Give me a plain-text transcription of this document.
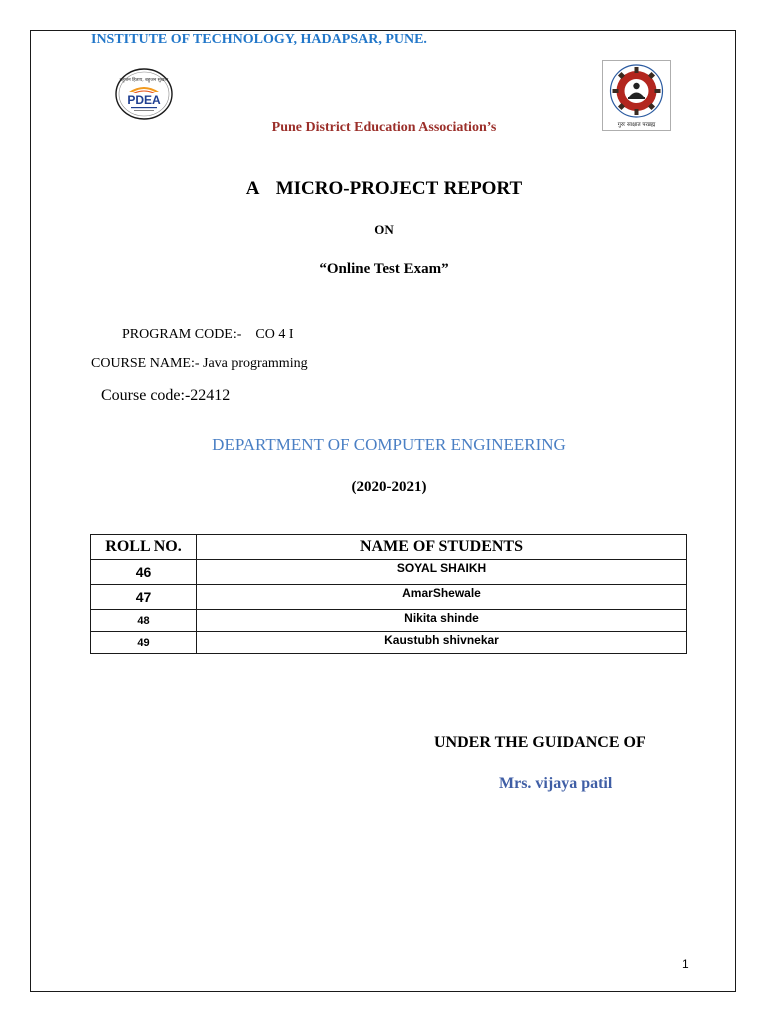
INSTITUTE OF TECHNOLOGY, HADAPSAR, PUNE.
बहुजन हिताय, बहुजन सुखाय
PDEA
गुरुः साक्षात परब्रह्म
Pune District Education Association’s
A   MICRO-PROJECT REPORT
ON
“Online Test Exam”
PROGRAM CODE:-    CO 4 I
COURSE NAME:- Java programming
Course code:-22412
DEPARTMENT OF COMPUTER ENGINEERING
(2020-2021)
ROLL NO.	NAME OF STUDENTS
46	SOYAL SHAIKH
47	AmarShewale
48	Nikita shinde
49	Kaustubh shivnekar
UNDER THE GUIDANCE OF
Mrs. vijaya patil
1
